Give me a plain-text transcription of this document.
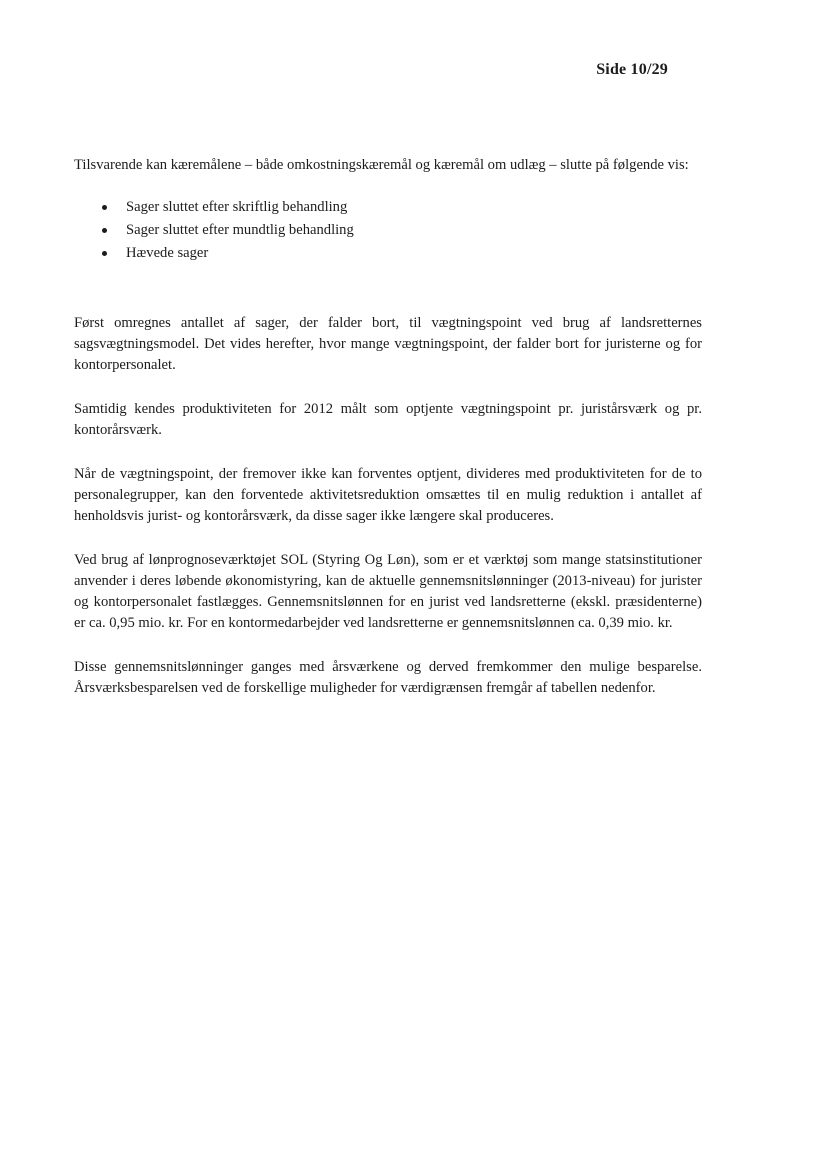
Side 10/29

Tilsvarende kan kæremålene – både omkostningskæremål og kæremål om udlæg – slutte på følgende vis:

Sager sluttet efter skriftlig behandling
Sager sluttet efter mundtlig behandling
Hævede sager

Først omregnes antallet af sager, der falder bort, til vægtningspoint ved brug af landsretternes sagsvægtningsmodel. Det vides herefter, hvor mange vægtningspoint, der falder bort for juristerne og for kontorpersonalet.

Samtidig kendes produktiviteten for 2012 målt som optjente vægtningspoint pr. juristårsværk og pr. kontorårsværk.

Når de vægtningspoint, der fremover ikke kan forventes optjent, divideres med produktiviteten for de to personalegrupper, kan den forventede aktivitetsreduktion omsættes til en mulig reduktion i antallet af henholdsvis jurist- og kontorårsværk, da disse sager ikke længere skal produceres.

Ved brug af lønprognoseværktøjet SOL (Styring Og Løn), som er et værktøj som mange statsinstitutioner anvender i deres løbende økonomistyring, kan de aktuelle gennemsnitslønninger (2013-niveau) for jurister og kontorpersonalet fastlægges. Gennemsnitslønnen for en jurist ved landsretterne (ekskl. præsidenterne) er ca. 0,95 mio. kr. For en kontormedarbejder ved landsretterne er gennemsnitslønnen ca. 0,39 mio. kr.

Disse gennemsnitslønninger ganges med årsværkene og derved fremkommer den mulige besparelse. Årsværksbesparelsen ved de forskellige muligheder for værdigrænsen fremgår af tabellen nedenfor.
